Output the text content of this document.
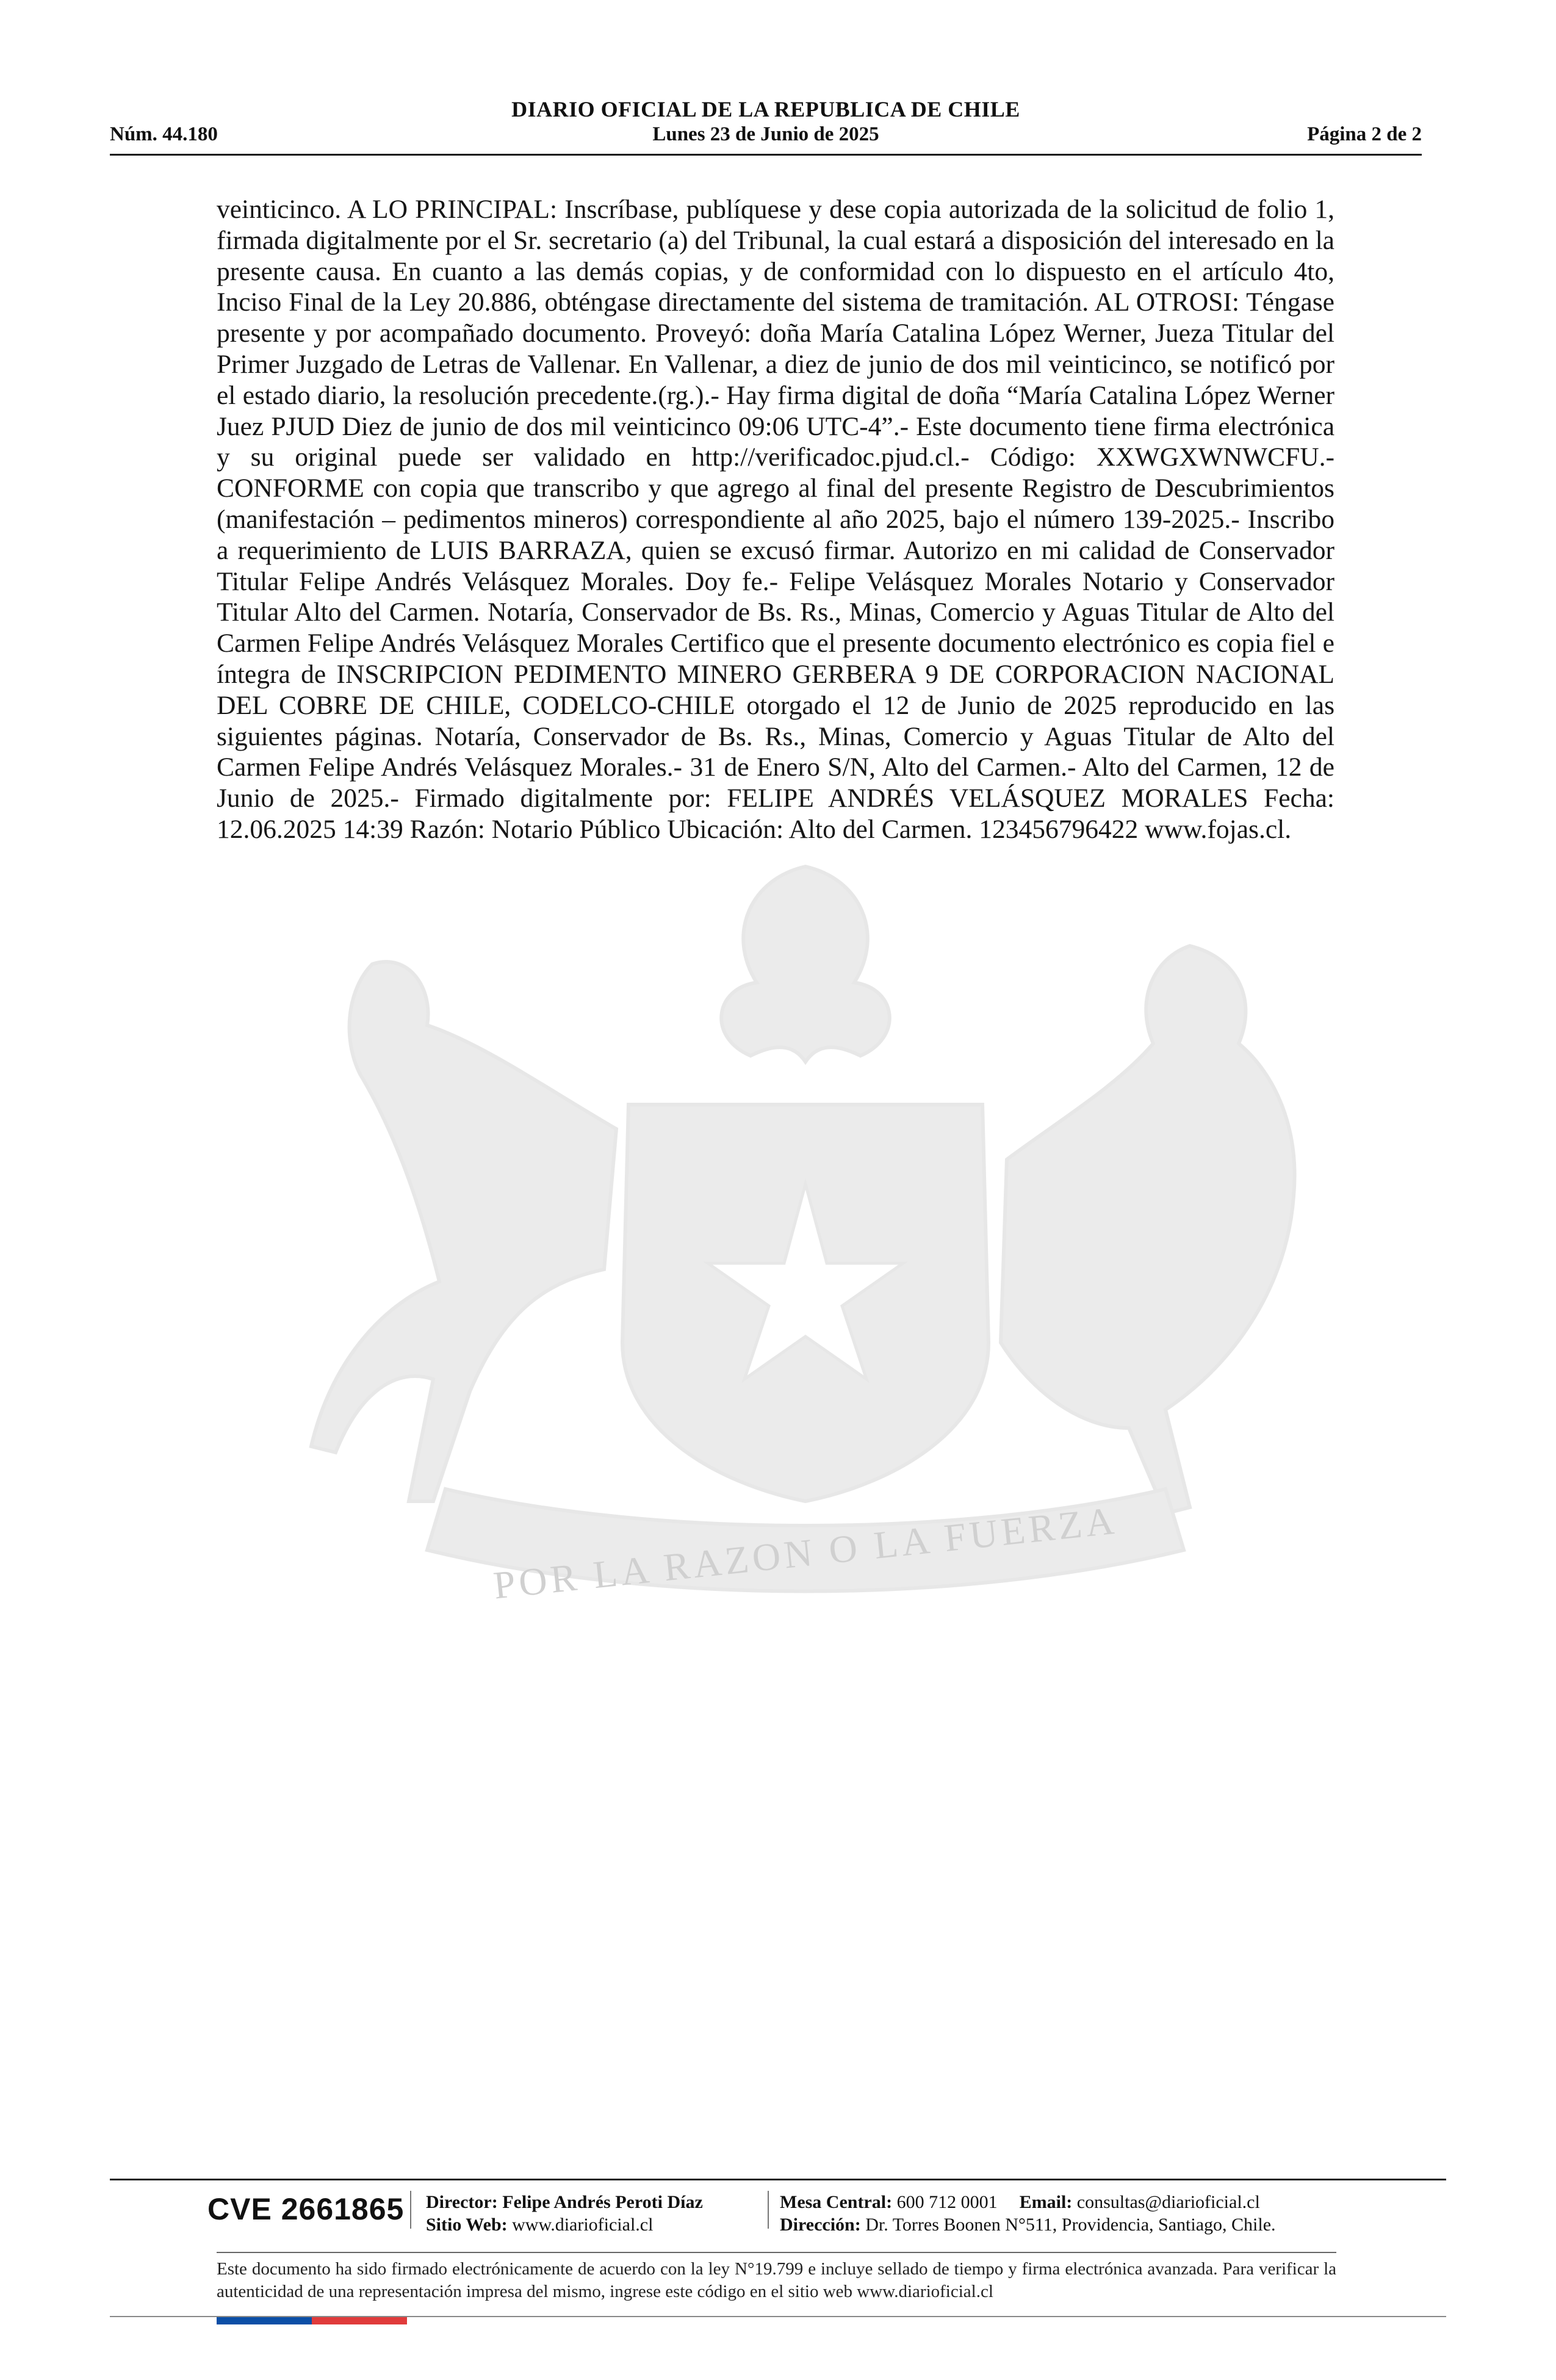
DIARIO OFICIAL DE LA REPUBLICA DE CHILE
Núm. 44.180	Lunes 23 de Junio de 2025	Página 2 de 2
POR LA RAZON O LA FUERZA
veinticinco. A LO PRINCIPAL: Inscríbase, publíquese y dese copia autorizada de la solicitud de folio 1, firmada digitalmente por el Sr. secretario (a) del Tribunal, la cual estará a disposición del interesado en la presente causa. En cuanto a las demás copias, y de conformidad con lo dispuesto en el artículo 4to, Inciso Final de la Ley 20.886, obténgase directamente del sistema de tramitación. AL OTROSI: Téngase presente y por acompañado documento. Proveyó: doña María Catalina López Werner, Jueza Titular del Primer Juzgado de Letras de Vallenar. En Vallenar, a diez de junio de dos mil veinticinco, se notificó por el estado diario, la resolución precedente.(rg.).- Hay firma digital de doña “María Catalina López Werner Juez PJUD Diez de junio de dos mil veinticinco 09:06 UTC-4”.- Este documento tiene firma electrónica y su original puede ser validado en http://verificadoc.pjud.cl.- Código: XXWGXWNWCFU.- CONFORME con copia que transcribo y que agrego al final del presente Registro de Descubrimientos (manifestación – pedimentos mineros) correspondiente al año 2025, bajo el número 139-2025.- Inscribo a requerimiento de LUIS BARRAZA, quien se excusó firmar. Autorizo en mi calidad de Conservador Titular Felipe Andrés Velásquez Morales. Doy fe.- Felipe Velásquez Morales Notario y Conservador Titular Alto del Carmen. Notaría, Conservador de Bs. Rs., Minas, Comercio y Aguas Titular de Alto del Carmen Felipe Andrés Velásquez Morales Certifico que el presente documento electrónico es copia fiel e íntegra de INSCRIPCION PEDIMENTO MINERO GERBERA 9 DE CORPORACION NACIONAL DEL COBRE DE CHILE, CODELCO-CHILE otorgado el 12 de Junio de 2025 reproducido en las siguientes páginas. Notaría, Conservador de Bs. Rs., Minas, Comercio y Aguas Titular de Alto del Carmen Felipe Andrés Velásquez Morales.- 31 de Enero S/N, Alto del Carmen.- Alto del Carmen, 12 de Junio de 2025.- Firmado digitalmente por: FELIPE ANDRÉS VELÁSQUEZ MORALES Fecha: 12.06.2025 14:39 Razón: Notario Público Ubicación: Alto del Carmen. 123456796422 www.fojas.cl.
CVE 2661865 Director: Felipe Andrés Peroti Díaz
Sitio Web: www.diarioficial.cl
Mesa Central: 600 712 0001 Email: consultas@diarioficial.cl
Dirección: Dr. Torres Boonen N°511, Providencia, Santiago, Chile.
Este documento ha sido firmado electrónicamente de acuerdo con la ley N°19.799 e incluye sellado de tiempo y firma electrónica avanzada. Para verificar la autenticidad de una representación impresa del mismo, ingrese este código en el sitio web www.diarioficial.cl
